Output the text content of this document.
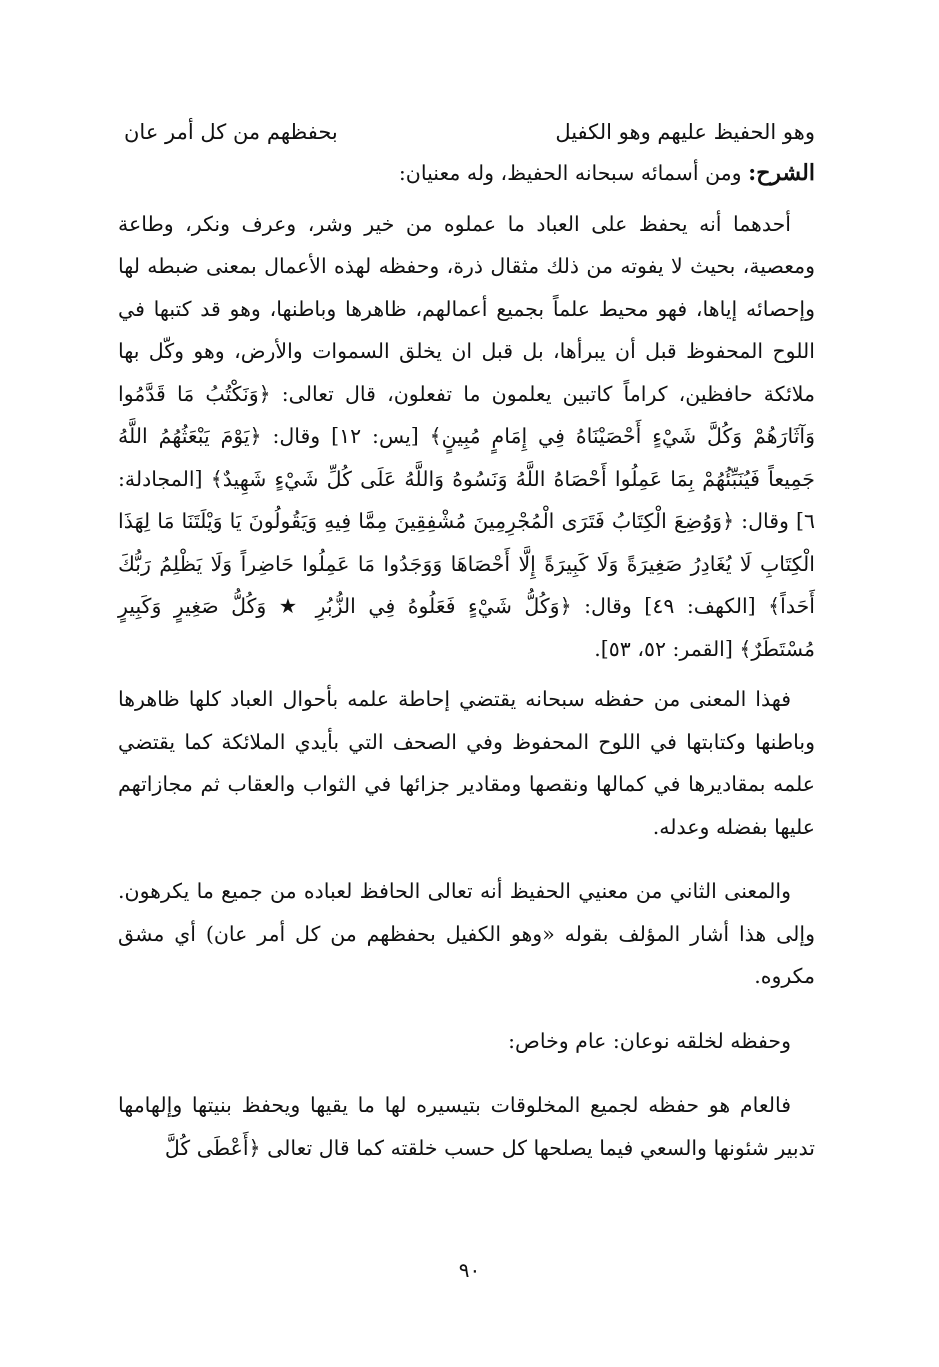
وهو الحفيظ عليهم وهو الكفيل
بحفظهم من كل أمر عان

الشرح: ومن أسمائه سبحانه الحفيظ، وله معنيان:

أحدهما أنه يحفظ على العباد ما عملوه من خير وشر، وعرف ونكر، وطاعة ومعصية، بحيث لا يفوته من ذلك مثقال ذرة، وحفظه لهذه الأعمال بمعنى ضبطه لها وإحصائه إياها، فهو محيط علماً بجميع أعمالهم، ظاهرها وباطنها، وهو قد كتبها في اللوح المحفوظ قبل أن يبرأها، بل قبل ان يخلق السموات والأرض، وهو وكّل بها ملائكة حافظين، كراماً كاتبين يعلمون ما تفعلون، قال تعالى: ﴿وَنَكْتُبُ مَا قَدَّمُوا وَآثَارَهُمْ وَكُلَّ شَيْءٍ أَحْصَيْنَاهُ فِي إِمَامٍ مُبِينٍ﴾ [يس: ١٢] وقال: ﴿يَوْمَ يَبْعَثُهُمُ اللَّهُ جَمِيعاً فَيُنَبِّئُهُمْ بِمَا عَمِلُوا أَحْصَاهُ اللَّهُ وَنَسُوهُ وَاللَّهُ عَلَى كُلِّ شَيْءٍ شَهِيدٌ﴾ [المجادلة: ٦] وقال: ﴿وَوُضِعَ الْكِتَابُ فَتَرَى الْمُجْرِمِينَ مُشْفِقِينَ مِمَّا فِيهِ وَيَقُولُونَ يَا وَيْلَتَنَا مَا لِهَذَا الْكِتَابِ لَا يُغَادِرُ صَغِيرَةً وَلَا كَبِيرَةً إِلَّا أَحْصَاهَا وَوَجَدُوا مَا عَمِلُوا حَاضِراً وَلَا يَظْلِمُ رَبُّكَ أَحَداً﴾ [الكهف: ٤٩] وقال: ﴿وَكُلُّ شَيْءٍ فَعَلُوهُ فِي الزُّبُرِ ★ وَكُلُّ صَغِيرٍ وَكَبِيرٍ مُسْتَطَرٌ﴾ [القمر: ٥٢، ٥٣].

فهذا المعنى من حفظه سبحانه يقتضي إحاطة علمه بأحوال العباد كلها ظاهرها وباطنها وكتابتها في اللوح المحفوظ وفي الصحف التي بأيدي الملائكة كما يقتضي علمه بمقاديرها في كمالها ونقصها ومقادير جزائها في الثواب والعقاب ثم مجازاتهم عليها بفضله وعدله.

والمعنى الثاني من معنيي الحفيظ أنه تعالى الحافظ لعباده من جميع ما يكرهون. وإلى هذا أشار المؤلف بقوله «وهو الكفيل بحفظهم من كل أمر عان) أي مشق مكروه.

وحفظه لخلقه نوعان: عام وخاص:

فالعام هو حفظه لجميع المخلوقات بتيسيره لها ما يقيها ويحفظ بنيتها وإلهامها تدبير شئونها والسعي فيما يصلحها كل حسب خلقته كما قال تعالى ﴿أَعْطَى كُلَّ

٩٠
